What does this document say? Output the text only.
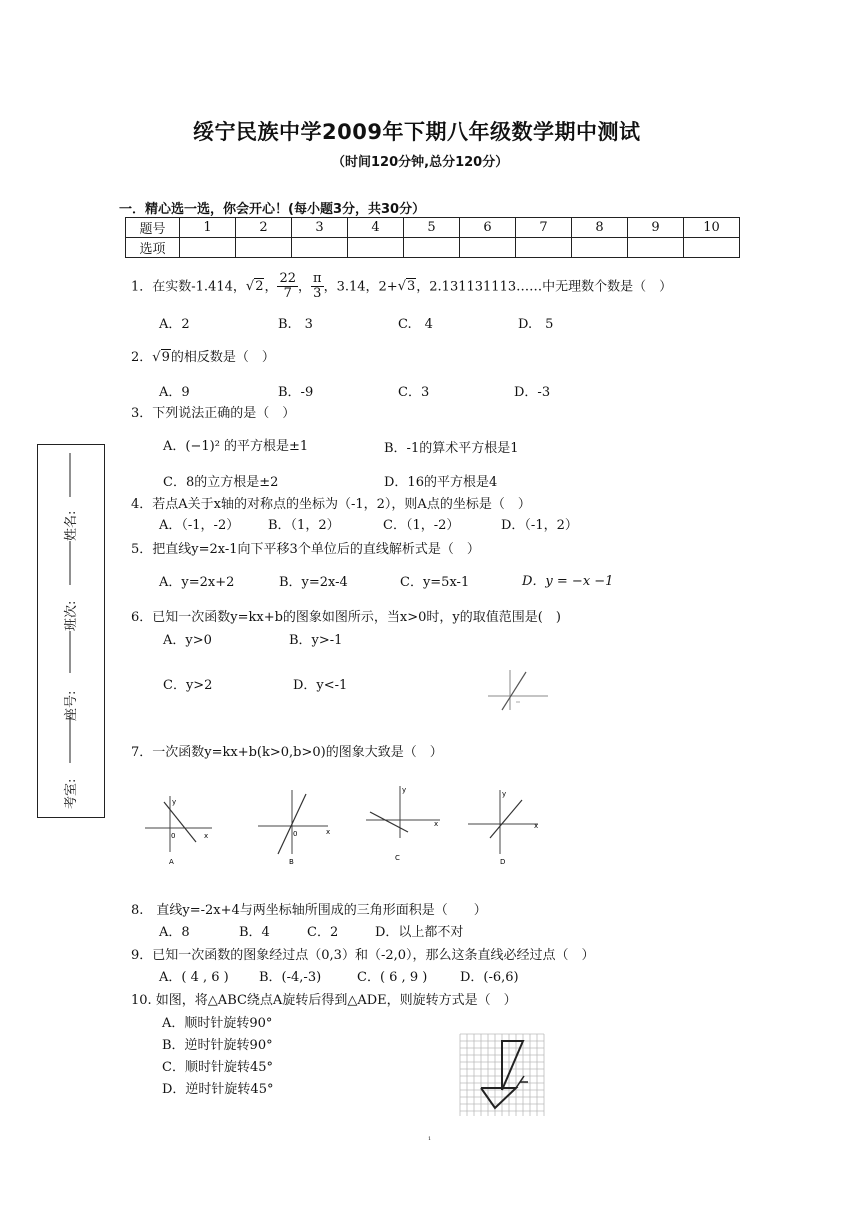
绥宁民族中学2009年下期八年级数学期中测试
（时间120分钟,总分120分）
一．精心选一选，你会开心！(每小题3分，共30分）
题号	1	2	3	4	5	6	7	8	9	10
选项										
姓名:
班次:
座号:
考室:
1．在实数-1.414，√2， $\frac{22}{7}$ ， $\frac{\pi}{3}$ ，3.14，2+√3，2.131131113……中无理数个数是（　）
A．2	B.　3	C.　4	D.　5
2．√9的相反数是（　）
A．9	B．-9	C．3	D．-3
3．下列说法正确的是（　）
A．(−1)² 的平方根是±1	B．-1的算术平方根是1
C．8的立方根是±2	D．16的平方根是4
4．若点A关于x轴的对称点的坐标为（-1，2），则A点的坐标是（　）
A．（-1，-2） B．（1，2）	C．（1，-2）	D．（-1，2）
5．把直线y=2x-1向下平移3个单位后的直线解析式是（　）
A．y=2x+2	B．y=2x-4	C．y=5x-1	D．y = −x −1
6．已知一次函数y=kx+b的图象如图所示，当x>0时，y的取值范围是(　)
A．y>0	B．y>-1
C．y>2	D．y<-1
7．一次函数y=kx+b(k>0,b>0)的图象大致是（　）
y
x
0
A
x
0
B
y
x
C
y
x
D
8.　直线y=-2x+4与两坐标轴所围成的三角形面积是（　　）
A．8	B．4	C．2	D．以上都不对
9．已知一次函数的图象经过点（0,3）和（-2,0），那么这条直线必经过点（　）
A．( 4 , 6 ) B．(-4,-3)	C．( 6 , 9 )	D．(-6,6)
10. 如图，将△ABC绕点A旋转后得到△ADE，则旋转方式是（　）
A．顺时针旋转90°
B．逆时针旋转90°
C．顺时针旋转45°
D．逆时针旋转45°
1
